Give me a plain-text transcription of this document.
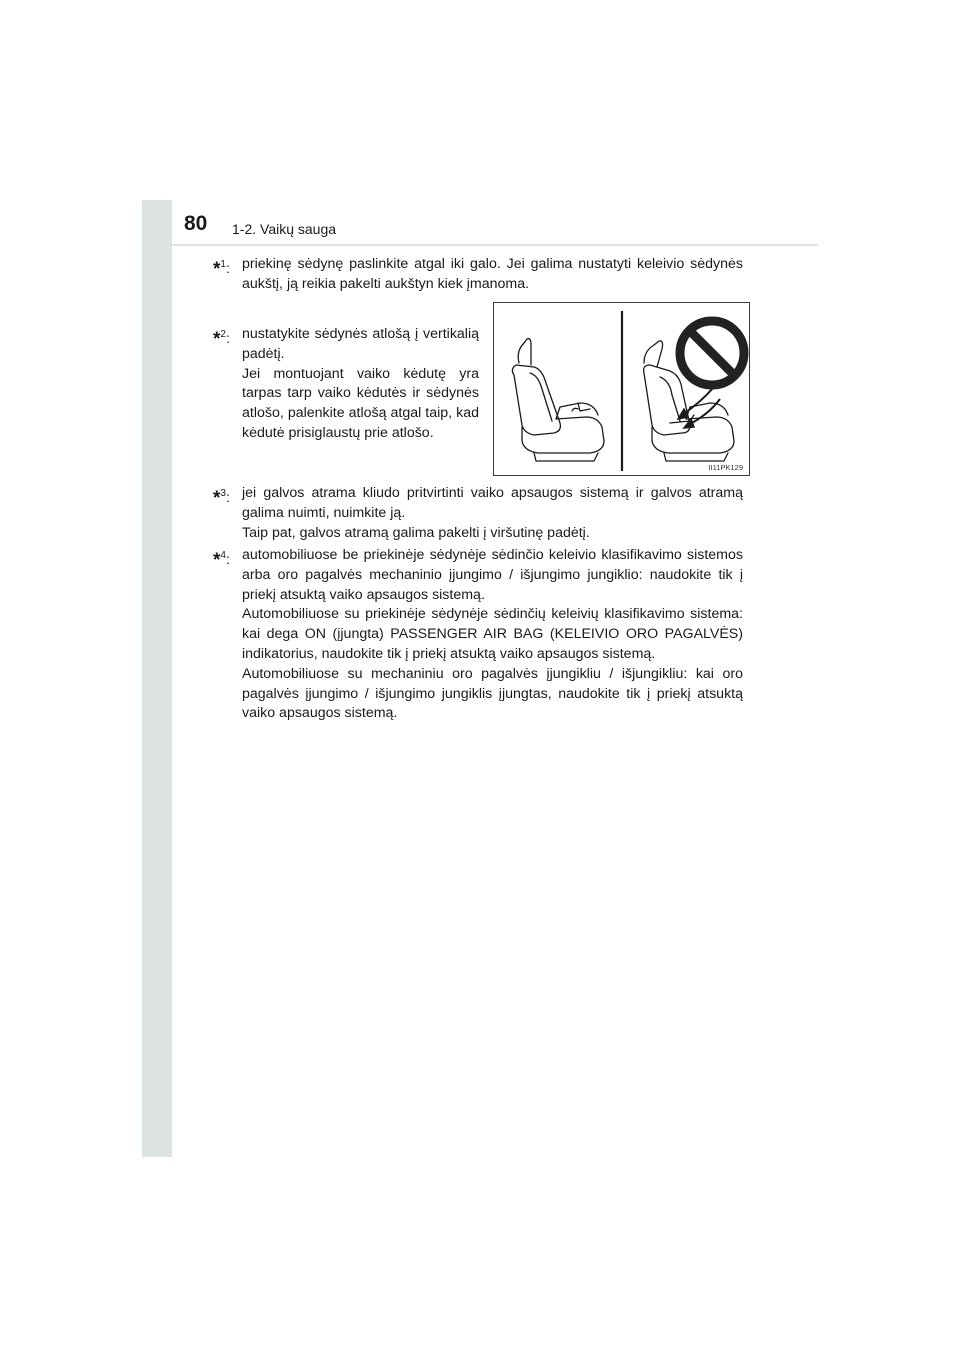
80 1-2. Vaikų sauga
*$^1$: priekinę sėdynę paslinkite atgal iki galo. Jei galima nustatyti keleivio sėdynės aukštį, ją reikia pakelti aukštyn kiek įmanoma.

*$^2$: nustatykite sėdynės atlošą į vertikalią padėtį.

Jei montuojant vaiko kėdutę yra tarpas tarp vaiko kėdutės ir sėdynės atlošo, palenkite atlošą atgal taip, kad kėdutė prisiglaustų prie atlošo.

II11PK129
*$^3$: jei galvos atrama kliudo pritvirtinti vaiko apsaugos sistemą ir galvos atramą galima nuimti, nuimkite ją.

Taip pat, galvos atramą galima pakelti į viršutinę padėtį.

*$^4$: automobiliuose be priekinėje sėdynėje sėdinčio keleivio klasifikavimo sistemos arba oro pagalvės mechaninio įjungimo / išjungimo jungiklio: naudokite tik į priekį atsuktą vaiko apsaugos sistemą.

Automobiliuose su priekinėje sėdynėje sėdinčių keleivių klasifikavimo sistema: kai dega ON (įjungta) PASSENGER AIR BAG (KELEIVIO ORO PAGALVĖS) indikatorius, naudokite tik į priekį atsuktą vaiko apsaugos sistemą.

Automobiliuose su mechaniniu oro pagalvės įjungikliu / išjungikliu: kai oro pagalvės įjungimo / išjungimo jungiklis įjungtas, naudokite tik į priekį atsuktą vaiko apsaugos sistemą.
